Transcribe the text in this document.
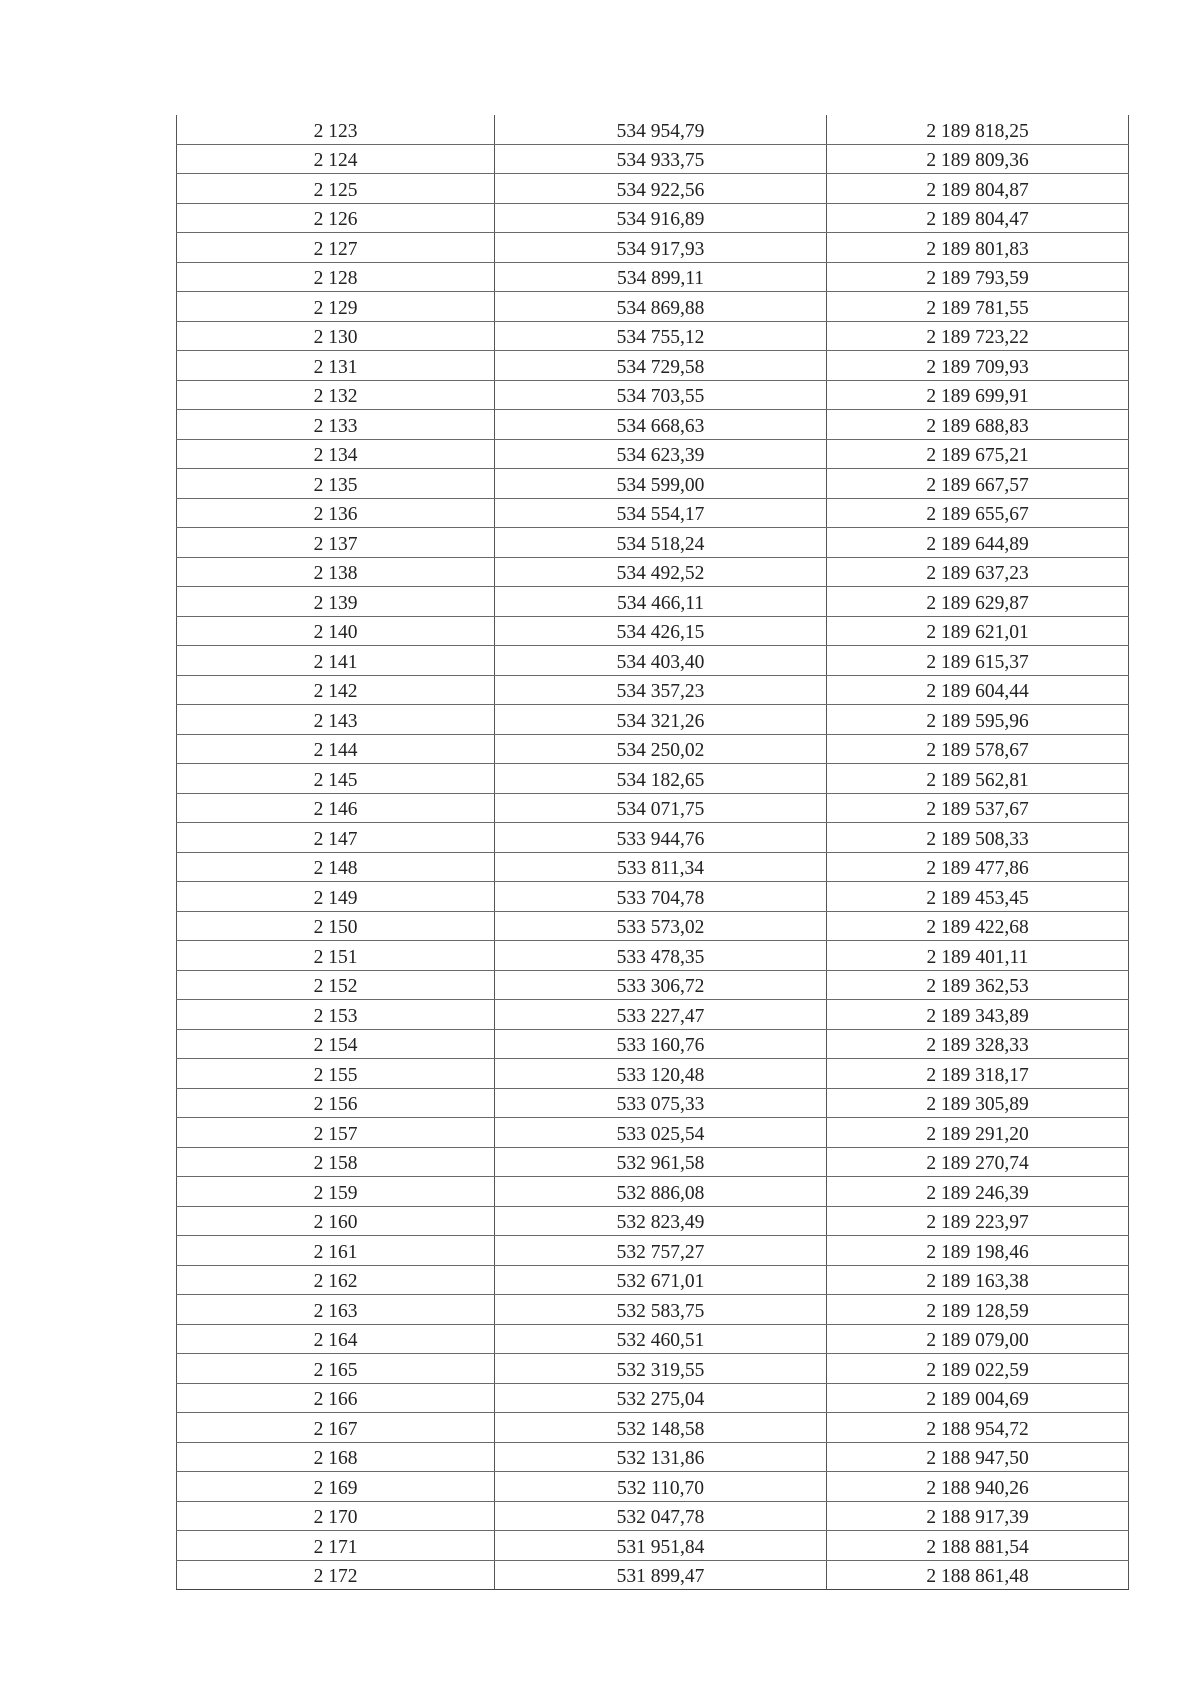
2 123	534 954,79	2 189 818,25
2 124	534 933,75	2 189 809,36
2 125	534 922,56	2 189 804,87
2 126	534 916,89	2 189 804,47
2 127	534 917,93	2 189 801,83
2 128	534 899,11	2 189 793,59
2 129	534 869,88	2 189 781,55
2 130	534 755,12	2 189 723,22
2 131	534 729,58	2 189 709,93
2 132	534 703,55	2 189 699,91
2 133	534 668,63	2 189 688,83
2 134	534 623,39	2 189 675,21
2 135	534 599,00	2 189 667,57
2 136	534 554,17	2 189 655,67
2 137	534 518,24	2 189 644,89
2 138	534 492,52	2 189 637,23
2 139	534 466,11	2 189 629,87
2 140	534 426,15	2 189 621,01
2 141	534 403,40	2 189 615,37
2 142	534 357,23	2 189 604,44
2 143	534 321,26	2 189 595,96
2 144	534 250,02	2 189 578,67
2 145	534 182,65	2 189 562,81
2 146	534 071,75	2 189 537,67
2 147	533 944,76	2 189 508,33
2 148	533 811,34	2 189 477,86
2 149	533 704,78	2 189 453,45
2 150	533 573,02	2 189 422,68
2 151	533 478,35	2 189 401,11
2 152	533 306,72	2 189 362,53
2 153	533 227,47	2 189 343,89
2 154	533 160,76	2 189 328,33
2 155	533 120,48	2 189 318,17
2 156	533 075,33	2 189 305,89
2 157	533 025,54	2 189 291,20
2 158	532 961,58	2 189 270,74
2 159	532 886,08	2 189 246,39
2 160	532 823,49	2 189 223,97
2 161	532 757,27	2 189 198,46
2 162	532 671,01	2 189 163,38
2 163	532 583,75	2 189 128,59
2 164	532 460,51	2 189 079,00
2 165	532 319,55	2 189 022,59
2 166	532 275,04	2 189 004,69
2 167	532 148,58	2 188 954,72
2 168	532 131,86	2 188 947,50
2 169	532 110,70	2 188 940,26
2 170	532 047,78	2 188 917,39
2 171	531 951,84	2 188 881,54
2 172	531 899,47	2 188 861,48
